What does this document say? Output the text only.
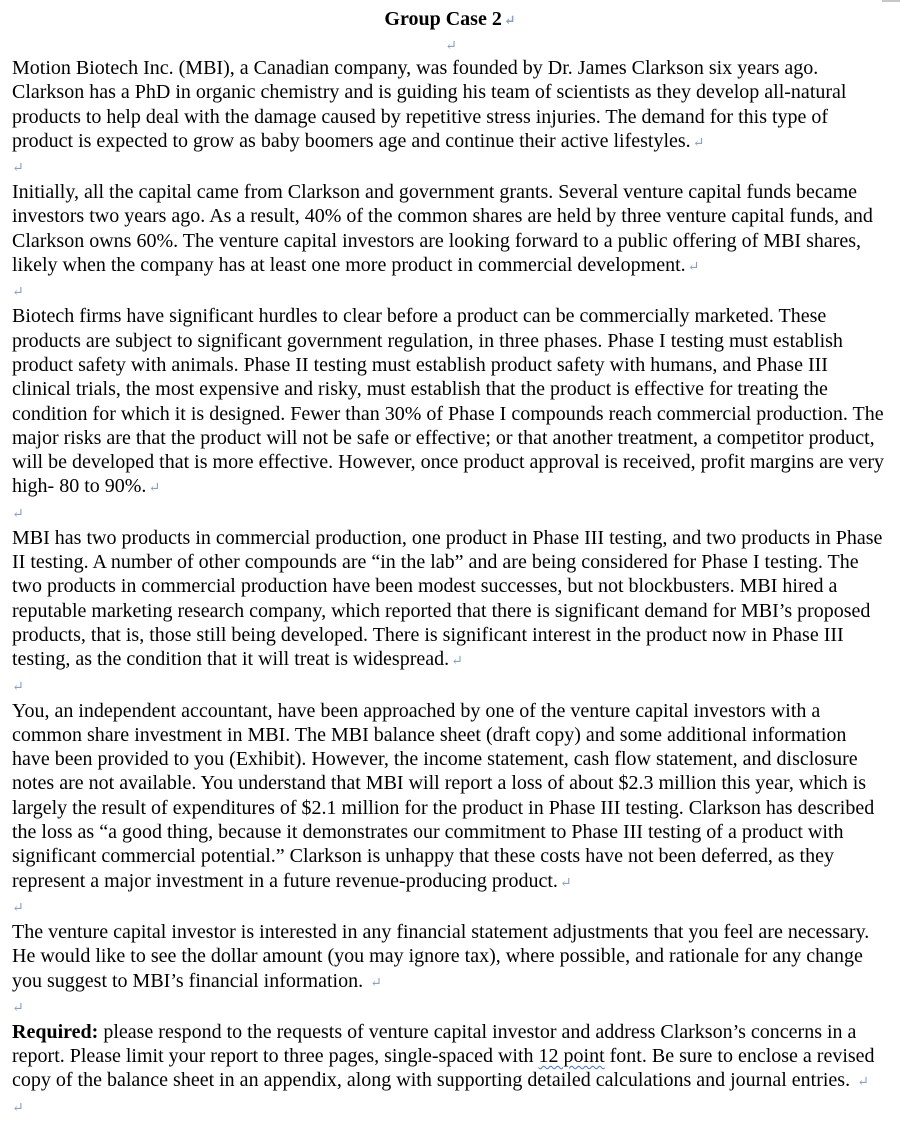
Group Case 2 ↵
↵

Motion Biotech Inc. (MBI), a Canadian company, was founded by Dr. James Clarkson six years ago. Clarkson has a PhD in organic chemistry and is guiding his team of scientists as they develop all-natural products to help deal with the damage caused by repetitive stress injuries. The demand for this type of product is expected to grow as baby boomers age and continue their active lifestyles. ↵

↵

Initially, all the capital came from Clarkson and government grants. Several venture capital funds became investors two years ago. As a result, 40% of the common shares are held by three venture capital funds, and Clarkson owns 60%. The venture capital investors are looking forward to a public offering of MBI shares, likely when the company has at least one more product in commercial development. ↵

↵

Biotech firms have significant hurdles to clear before a product can be commercially marketed. These products are subject to significant government regulation, in three phases. Phase I testing must establish product safety with animals. Phase II testing must establish product safety with humans, and Phase III clinical trials, the most expensive and risky, must establish that the product is effective for treating the condition for which it is designed. Fewer than 30% of Phase I compounds reach commercial production. The major risks are that the product will not be safe or effective; or that another treatment, a competitor product, will be developed that is more effective. However, once product approval is received, profit margins are very high- 80 to 90%. ↵

↵

MBI has two products in commercial production, one product in Phase III testing, and two products in Phase II testing. A number of other compounds are “in the lab” and are being considered for Phase I testing. The two products in commercial production have been modest successes, but not blockbusters. MBI hired a reputable marketing research company, which reported that there is significant demand for MBI’s proposed products, that is, those still being developed. There is significant interest in the product now in Phase III testing, as the condition that it will treat is widespread. ↵

↵

You, an independent accountant, have been approached by one of the venture capital investors with a common share investment in MBI. The MBI balance sheet (draft copy) and some additional information have been provided to you (Exhibit). However, the income statement, cash flow statement, and disclosure notes are not available. You understand that MBI will report a loss of about $2.3 million this year, which is largely the result of expenditures of $2.1 million for the product in Phase III testing. Clarkson has described the loss as “a good thing, because it demonstrates our commitment to Phase III testing of a product with significant commercial potential.” Clarkson is unhappy that these costs have not been deferred, as they represent a major investment in a future revenue-producing product. ↵

↵

The venture capital investor is interested in any financial statement adjustments that you feel are necessary. He would like to see the dollar amount (you may ignore tax), where possible, and rationale for any change you suggest to MBI’s financial information. ↵

↵

Required: please respond to the requests of venture capital investor and address Clarkson’s concerns in a report. Please limit your report to three pages, single-spaced with 12 point font. Be sure to enclose a revised copy of the balance sheet in an appendix, along with supporting detailed calculations and journal entries. ↵

↵
